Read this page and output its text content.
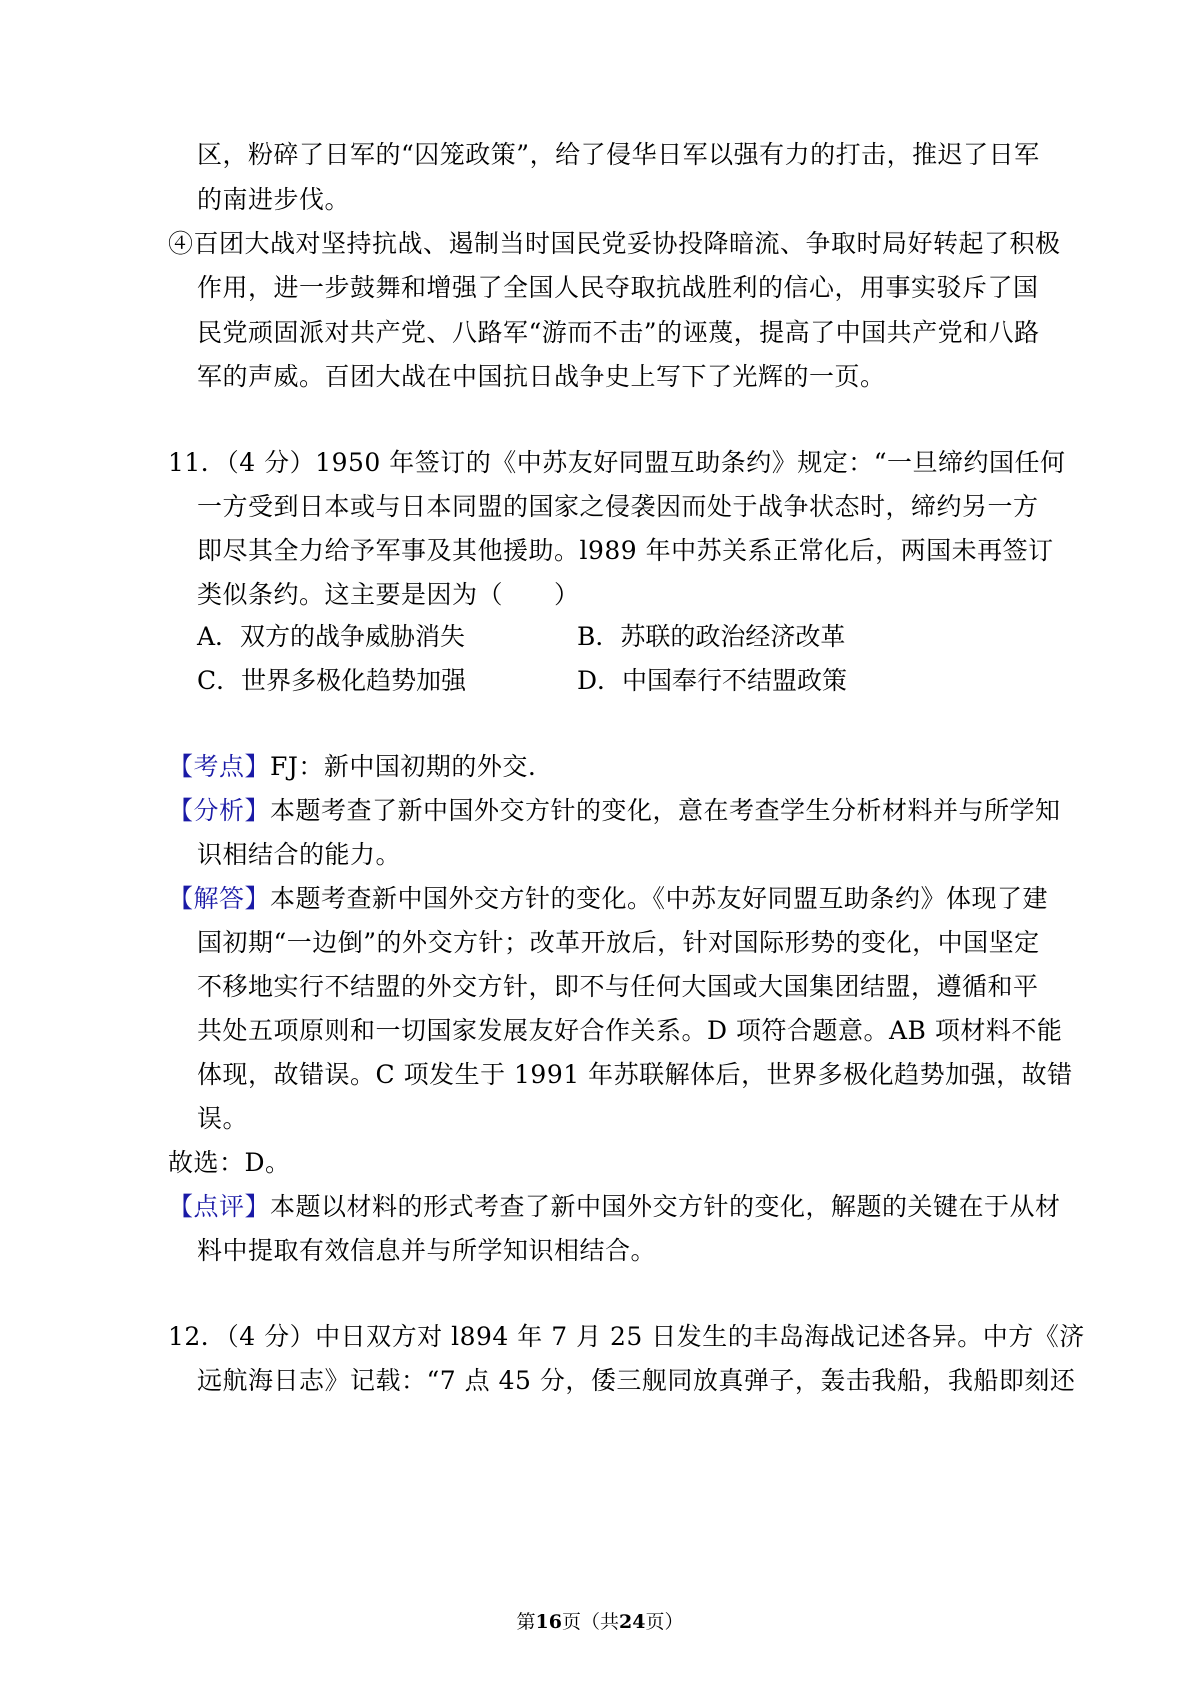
区，粉碎了日军的“囚笼政策”，给了侵华日军以强有力的打击，推迟了日军
的南进步伐。
④百团大战对坚持抗战、遏制当时国民党妥协投降暗流、争取时局好转起了积极
作用，进一步鼓舞和增强了全国人民夺取抗战胜利的信心，用事实驳斥了国
民党顽固派对共产党、八路军“游而不击”的诬蔑，提高了中国共产党和八路
军的声威。百团大战在中国抗日战争史上写下了光辉的一页。
11．（4 分）1950 年签订的《中苏友好同盟互助条约》规定：“一旦缔约国任何
一方受到日本或与日本同盟的国家之侵袭因而处于战争状态时，缔约另一方
即尽其全力给予军事及其他援助。l989 年中苏关系正常化后，两国未再签订
类似条约。这主要是因为（　　）
A．双方的战争威胁消失	B．苏联的政治经济改革
C．世界多极化趋势加强	D．中国奉行不结盟政策
【考点】FJ：新中国初期的外交.
【分析】本题考查了新中国外交方针的变化，意在考查学生分析材料并与所学知
识相结合的能力。
【解答】本题考查新中国外交方针的变化。《中苏友好同盟互助条约》体现了建
国初期“一边倒”的外交方针；改革开放后，针对国际形势的变化，中国坚定
不移地实行不结盟的外交方针，即不与任何大国或大国集团结盟，遵循和平
共处五项原则和一切国家发展友好合作关系。D 项符合题意。AB 项材料不能
体现，故错误。C 项发生于 1991 年苏联解体后，世界多极化趋势加强，故错
误。
故选：D。
【点评】本题以材料的形式考查了新中国外交方针的变化，解题的关键在于从材
料中提取有效信息并与所学知识相结合。
12．（4 分）中日双方对 l894 年 7 月 25 日发生的丰岛海战记述各异。中方《济
远航海日志》记载：“7 点 45 分，倭三舰同放真弹子，轰击我船，我船即刻还
第16页（共24页）
